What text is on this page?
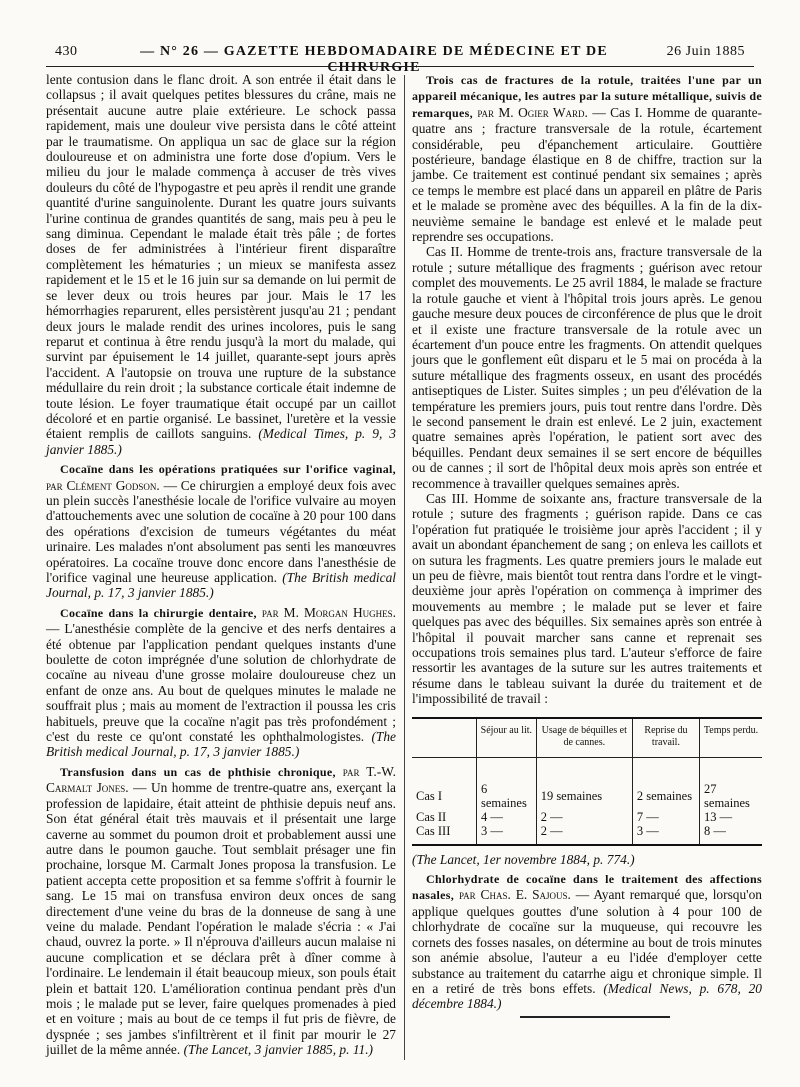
430	— N° 26 — GAZETTE HEBDOMADAIRE DE MÉDECINE ET DE CHIRURGIE
26 Juin 1885

lente contusion dans le flanc droit. A son entrée il était dans le collapsus ; il avait quelques petites blessures du crâne, mais ne présentait aucune autre plaie extérieure. Le schock passa rapidement, mais une douleur vive persista dans le côté atteint par le traumatisme. On appliqua un sac de glace sur la région douloureuse et on administra une forte dose d'opium. Vers le milieu du jour le malade commença à accuser de très vives douleurs du côté de l'hypogastre et peu après il rendit une grande quantité d'urine sanguinolente. Durant les quatre jours suivants l'urine continua de grandes quantités de sang, mais peu à peu le sang diminua. Cependant le malade était très pâle ; de fortes doses de fer administrées à l'intérieur firent disparaître complètement les hématuries ; un mieux se manifesta assez rapidement et le 15 et le 16 juin sur sa demande on lui permit de se lever deux ou trois heures par jour. Mais le 17 les hémorrhagies reparurent, elles persistèrent jusqu'au 21 ; pendant deux jours le malade rendit des urines incolores, puis le sang reparut et continua à être rendu jusqu'à la mort du malade, qui survint par épuisement le 14 juillet, quarante-sept jours après l'accident. A l'autopsie on trouva une rupture de la substance médullaire du rein droit ; la substance corticale était indemne de toute lésion. Le foyer traumatique était occupé par un caillot décoloré et en partie organisé. Le bassinet, l'uretère et la vessie étaient remplis de caillots sanguins. (Medical Times, p. 9, 3 janvier 1885.)

Cocaïne dans les opérations pratiquées sur l'orifice vaginal, par Clément Godson. — Ce chirurgien a employé deux fois avec un plein succès l'anesthésie locale de l'orifice vulvaire au moyen d'attouchements avec une solution de cocaïne à 20 pour 100 dans des opérations d'excision de tumeurs végétantes du méat urinaire. Les malades n'ont absolument pas senti les manœuvres opératoires. La cocaïne trouve donc encore dans l'anesthésie de l'orifice vaginal une heureuse application. (The British medical Journal, p. 17, 3 janvier 1885.)

Cocaïne dans la chirurgie dentaire, par M. Morgan Hughes. — L'anesthésie complète de la gencive et des nerfs dentaires a été obtenue par l'application pendant quelques instants d'une boulette de coton imprégnée d'une solution de chlorhydrate de cocaïne au niveau d'une grosse molaire douloureuse chez un enfant de onze ans. Au bout de quelques minutes le malade ne souffrait plus ; mais au moment de l'extraction il poussa les cris habituels, preuve que la cocaïne n'agit pas très profondément ; c'est du reste ce qu'ont constaté les ophthalmologistes. (The British medical Journal, p. 17, 3 janvier 1885.)

Transfusion dans un cas de phthisie chronique, par T.-W. Carmalt Jones. — Un homme de trentre-quatre ans, exerçant la profession de lapidaire, était atteint de phthisie depuis neuf ans. Son état général était très mauvais et il présentait une large caverne au sommet du poumon droit et probablement aussi une autre dans le poumon gauche. Tout semblait présager une fin prochaine, lorsque M. Carmalt Jones proposa la transfusion. Le patient accepta cette proposition et sa femme s'offrit à fournir le sang. Le 15 mai on transfusa environ deux onces de sang directement d'une veine du bras de la donneuse de sang à une veine du malade. Pendant l'opération le malade s'écria : « J'ai chaud, ouvrez la porte. » Il n'éprouva d'ailleurs aucun malaise ni aucune complication et se déclara prêt à dîner comme à l'ordinaire. Le lendemain il était beaucoup mieux, son pouls était plein et battait 120. L'amélioration continua pendant près d'un mois ; le malade put se lever, faire quelques promenades à pied et en voiture ; mais au bout de ce temps il fut pris de fièvre, de dyspnée ; ses jambes s'infiltrèrent et il finit par mourir le 27 juillet de la même année. (The Lancet, 3 janvier 1885, p. 11.)

Trois cas de fractures de la rotule, traitées l'une par un appareil mécanique, les autres par la suture métallique, suivis de remarques, par M. Ogier Ward. — Cas I. Homme de quarante-quatre ans ; fracture transversale de la rotule, écartement considérable, peu d'épanchement articulaire. Gouttière postérieure, bandage élastique en 8 de chiffre, traction sur la jambe. Ce traitement est continué pendant six semaines ; après ce temps le membre est placé dans un appareil en plâtre de Paris et le malade se promène avec des béquilles. A la fin de la dix-neuvième semaine le bandage est enlevé et le malade peut reprendre ses occupations.

Cas II. Homme de trente-trois ans, fracture transversale de la rotule ; suture métallique des fragments ; guérison avec retour complet des mouvements. Le 25 avril 1884, le malade se fracture la rotule gauche et vient à l'hôpital trois jours après. Le genou gauche mesure deux pouces de circonférence de plus que le droit et il existe une fracture transversale de la rotule avec un écartement d'un pouce entre les fragments. On attendit quelques jours que le gonflement eût disparu et le 5 mai on procéda à la suture métallique des fragments osseux, en usant des procédés antiseptiques de Lister. Suites simples ; un peu d'élévation de la température les premiers jours, puis tout rentre dans l'ordre. Dès le second pansement le drain est enlevé. Le 2 juin, exactement quatre semaines après l'opération, le patient sort avec des béquilles. Pendant deux semaines il se sert encore de béquilles ou de cannes ; il sort de l'hôpital deux mois après son entrée et recommence à travailler quelques semaines après.

Cas III. Homme de soixante ans, fracture transversale de la rotule ; suture des fragments ; guérison rapide. Dans ce cas l'opération fut pratiquée le troisième jour après l'accident ; il y avait un abondant épanchement de sang ; on enleva les caillots et on sutura les fragments. Les quatre premiers jours le malade eut un peu de fièvre, mais bientôt tout rentra dans l'ordre et le vingt-deuxième jour après l'opération on commença à imprimer des mouvements au membre ; le malade put se lever et faire quelques pas avec des béquilles. Six semaines après son entrée à l'hôpital il pouvait marcher sans canne et reprenait ses occupations trois semaines plus tard. L'auteur s'efforce de faire ressortir les avantages de la suture sur les autres traitements et résume dans le tableau suivant la durée du traitement et de l'impossibilité de travail :

	Séjour au lit.	Usage de béquilles et de cannes.	Reprise du travail.	Temps perdu.
Cas I	6 semaines	19 semaines	2 semaines	27 semaines
Cas II	4 —	2 —	7 —	13 —
Cas III	3 —	2 —	3 —	8 —

(The Lancet, 1er novembre 1884, p. 774.)

Chlorhydrate de cocaïne dans le traitement des affections nasales, par Chas. E. Sajous. — Ayant remarqué que, lorsqu'on applique quelques gouttes d'une solution à 4 pour 100 de chlorhydrate de cocaïne sur la muqueuse, qui recouvre les cornets des fosses nasales, on détermine au bout de trois minutes son anémie absolue, l'auteur a eu l'idée d'employer cette substance au traitement du catarrhe aigu et chronique simple. Il en a retiré de très bons effets. (Medical News, p. 678, 20 décembre 1884.)
